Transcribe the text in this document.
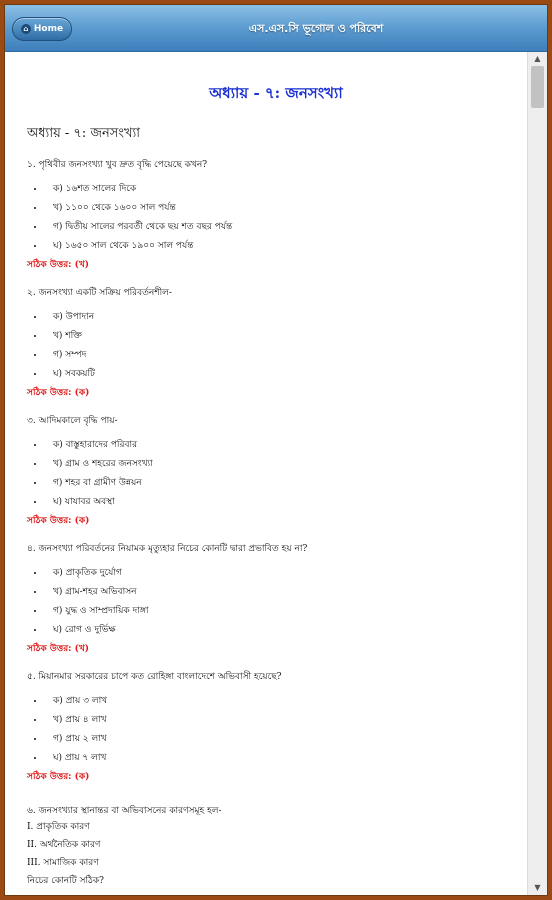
⌂ Home	এস.এস.সি ভূগোল ও পরিবেশ
অধ্যায় - ৭: জনসংখ্যা
অধ্যায় - ৭: জনসংখ্যা
১. পৃথিবীর জনসংখ্যা খুব দ্রুত বৃদ্ধি পেয়েছে কখন?
• ক) ১৬শত সালের দিকে
• খ) ১১০০ থেকে ১৬০০ সাল পর্যন্ত
• গ) দ্বিতীয় সালের পরবর্তী থেকে ছয় শত বছর পর্যন্ত
• ঘ) ১৬৫০ সাল থেকে ১৯০০ সাল পর্যন্ত
সঠিক উত্তর: (খ)
২. জনসংখ্যা একটি সক্রিয় পরিবর্তনশীল-
• ক) উপাদান
• খ) শক্তি
• গ) সম্পদ
• ঘ) সবকয়টি
সঠিক উত্তর: (ক)
৩. আদিমকালে বৃদ্ধি পায়-
• ক) বাস্তুহারাদের পরিবার
• খ) গ্রাম ও শহরের জনসংখ্যা
• গ) শহর বা গ্রামীণ উন্নয়ন
• ঘ) যাযাবর অবস্থা
সঠিক উত্তর: (ক)
৪. জনসংখ্যা পরিবর্তনের নিয়ামক মৃত্যুহার নিচের কোনটি দ্বারা প্রভাবিত হয় না?
• ক) প্রাকৃতিক দুর্যোগ
• খ) গ্রাম-শহর অভিবাসন
• গ) যুদ্ধ ও সাম্প্রদায়িক দাঙ্গা
• ঘ) রোগ ও দুর্ভিক্ষ
সঠিক উত্তর: (খ)
৫. মিয়ানমার সরকারের চাপে কত রোহিঙ্গা বাংলাদেশে অভিবাসী হয়েছে?
• ক) প্রায় ৩ লাখ
• খ) প্রায় ৪ লাখ
• গ) প্রায় ২ লাখ
• ঘ) প্রায় ৭ লাখ
সঠিক উত্তর: (ক)
৬. জনসংখ্যার স্থানান্তর বা অভিবাসনের কারণসমূহ হল-
I. প্রাকৃতিক কারণ
II. অর্থনৈতিক কারণ
III. সামাজিক কারণ
নিচের কোনটি সঠিক?
▲
▼
